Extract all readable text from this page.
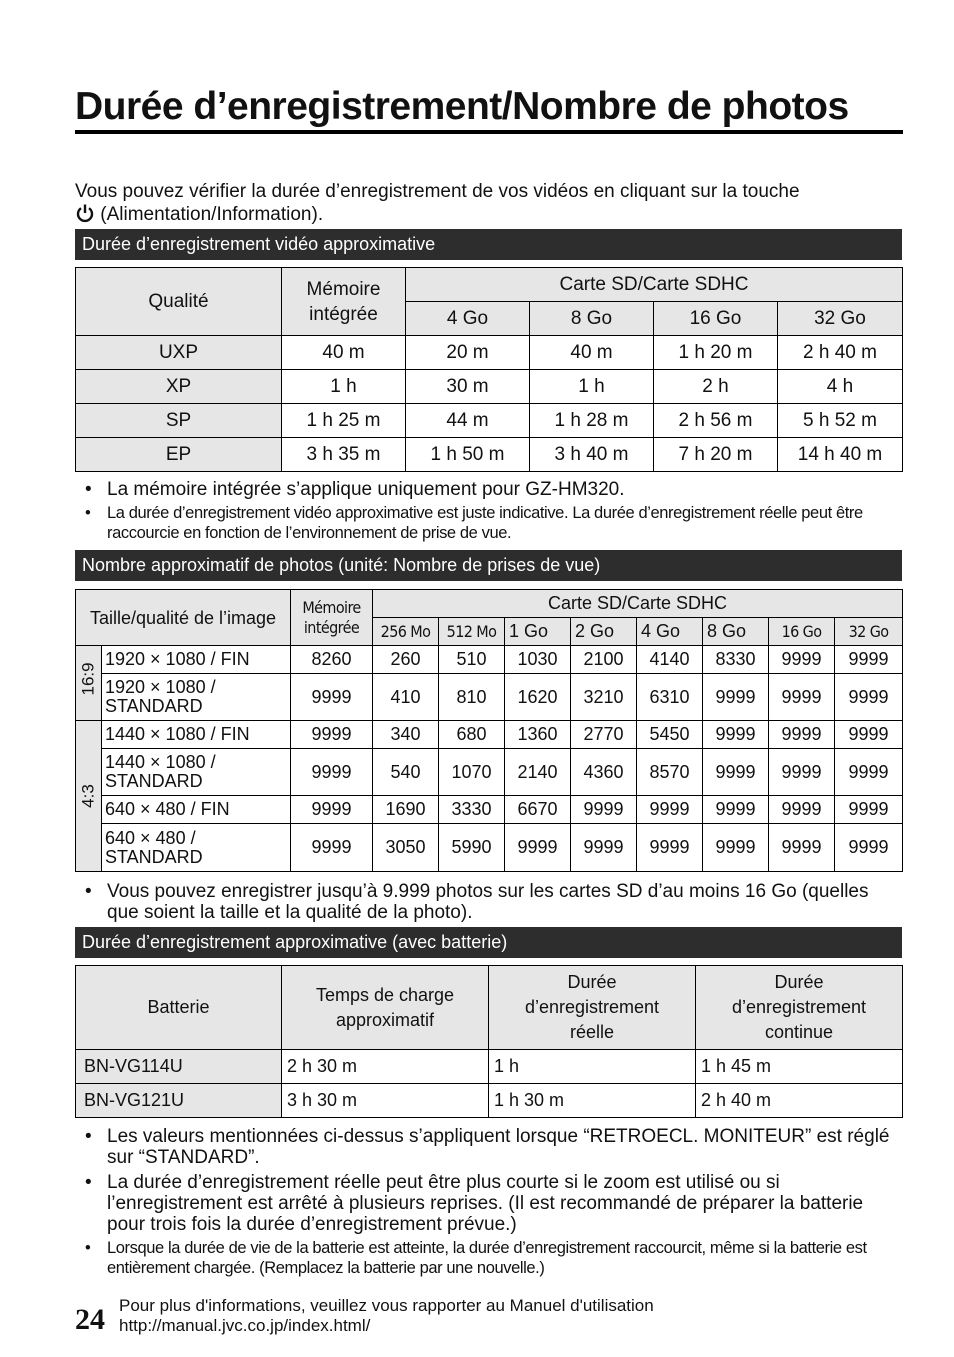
Durée d’enregistrement/Nombre de photos
Vous pouvez vérifier la durée d’enregistrement de vos vidéos en cliquant sur la touche
(Alimentation/Information).
Durée d’enregistrement vidéo approximative
Qualité	Mémoire intégrée	Carte SD/Carte SDHC			
		4 Go	8 Go	16 Go	32 Go
UXP	40 m	20 m	40 m	1 h 20 m	2 h 40 m
XP	1 h	30 m	1 h	2 h	4 h
SP	1 h 25 m	44 m	1 h 28 m	2 h 56 m	5 h 52 m
EP	3 h 35 m	1 h 50 m	3 h 40 m	7 h 20 m	14 h 40 m
• La mémoire intégrée s’applique uniquement pour GZ-HM320.
• La durée d’enregistrement vidéo approximative est juste indicative. La durée d’enregistrement réelle peut être raccourcie en fonction de l’environnement de prise de vue.
Nombre approximatif de photos (unité: Nombre de prises de vue)
Taille/qualité de l’image		Mémoire intégrée	Carte SD/Carte SDHC							
			256 Mo	512 Mo	1 Go	2 Go	4 Go	8 Go	16 Go	32 Go

16:9	1920 × 1080 / FIN	8260	260	510	1030	2100	4140	8330	9999	9999
	1920 × 1080 / STANDARD	9999	410	810	1620	3210	6310	9999	9999	9999

4:3	1440 × 1080 / FIN	9999	340	680	1360	2770	5450	9999	9999	9999
	1440 × 1080 / STANDARD	9999	540	1070	2140	4360	8570	9999	9999	9999
	640 × 480 / FIN	9999	1690	3330	6670	9999	9999	9999	9999	9999
	640 × 480 / STANDARD	9999	3050	5990	9999	9999	9999	9999	9999	9999
• Vous pouvez enregistrer jusqu’à 9.999 photos sur les cartes SD d’au moins 16 Go (quelles que soient la taille et la qualité de la photo).
Durée d’enregistrement approximative (avec batterie)
Batterie	Temps de charge approximatif	Durée d’enregistrement réelle	Durée d’enregistrement continue
BN-VG114U	2 h 30 m	1 h	1 h 45 m
BN-VG121U	3 h 30 m	1 h 30 m	2 h 40 m
• Les valeurs mentionnées ci-dessus s’appliquent lorsque “RETROECL. MONITEUR” est réglé sur “STANDARD”.
• La durée d’enregistrement réelle peut être plus courte si le zoom est utilisé ou si l’enregistrement est arrêté à plusieurs reprises. (Il est recommandé de préparer la batterie pour trois fois la durée d’enregistrement prévue.)
• Lorsque la durée de vie de la batterie est atteinte, la durée d’enregistrement raccourcit, même si la batterie est entièrement chargée. (Remplacez la batterie par une nouvelle.)
24 Pour plus d'informations, veuillez vous rapporter au Manuel d'utilisation
http://manual.jvc.co.jp/index.html/
